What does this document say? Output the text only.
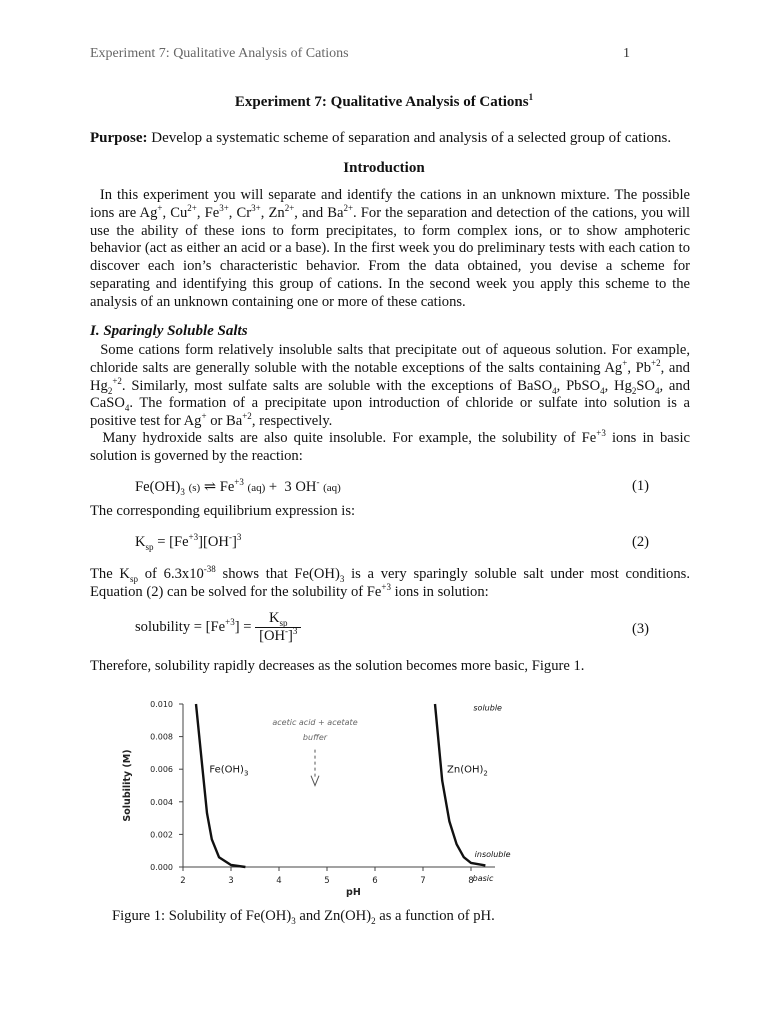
Experiment 7: Qualitative Analysis of Cations	1
Experiment 7: Qualitative Analysis of Cations$^1$
Purpose: Develop a systematic scheme of separation and analysis of a selected group of cations.
Introduction
In this experiment you will separate and identify the cations in an unknown mixture. The possible ions are Ag+, $Cu^{2+}$, $Fe^{3+}$, $Cr^{3+}$, $Zn^{2+}$, and $Ba^{2+}$. For the separation and detection of the cations, you will use the ability of these ions to form precipitates, to form complex ions, or to show amphoteric behavior (act as either an acid or a base). In the first week you do preliminary tests with each cation to discover each ion’s characteristic behavior. From the data obtained, you devise a scheme for separating and identifying this group of cations. In the second week you apply this scheme to the analysis of an unknown containing one or more of these cations.
I. Sparingly Soluble Salts
Some cations form relatively insoluble salts that precipitate out of aqueous solution. For example, chloride salts are generally soluble with the notable exceptions of the salts containing Ag+, $Pb^{+2}$, and $Hg_2^{+2}$. Similarly, most sulfate salts are soluble with the exceptions of BaSO$_4$, PbSO$_4$, $Hg_2SO_4$, and CaSO$_4$. The formation of a precipitate upon introduction of chloride or sulfate into solution is a positive test for Ag+ or $Ba^{+2}$, respectively.
Many hydroxide salts are also quite insoluble. For example, the solubility of $Fe^{+3}$ ions in basic solution is governed by the reaction:
$Fe(OH)_3$ (s) ⇌ $Fe^{+3}$ (aq) +  3 OH- (aq)	(1)
The corresponding equilibrium expression is:
$K_{sp} = [Fe^{+3}][OH^-]^3$	(2)
The $K_{sp}$ of $6.3x10^{-38}$ shows that $Fe(OH)_3$ is a very sparingly soluble salt under most conditions. Equation (2) can be solved for the solubility of $Fe^{+3}$ ions in solution:
solubility = $[Fe^{+3}] = \frac{K_{sp}}{[OH^-]^3}$	(3)
Therefore, solubility rapidly decreases as the solution becomes more basic, Figure 1.
0.000
0.002
0.004
0.006
0.008
0.010
2	3	4	5	6	7	8
pH
Solubility (M)	$Fe(OH)_3$	$Zn(OH)_2$
acetic acid + acetate
buffer
soluble
insoluble
basic
Figure 1: Solubility of $Fe(OH)_3$ and $Zn(OH)_2$ as a function of pH.
